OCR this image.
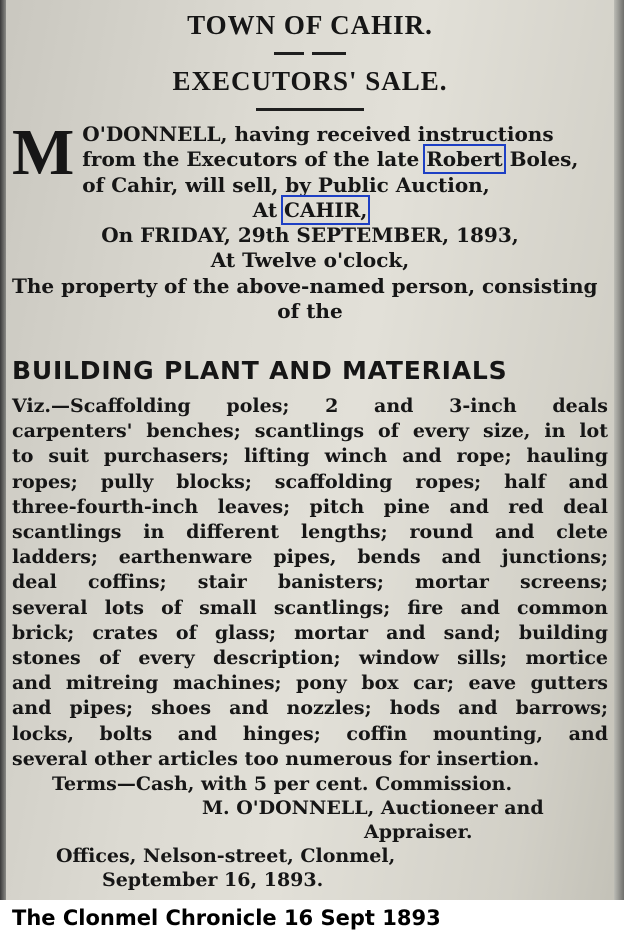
TOWN OF CAHIR.
EXECUTORS' SALE.
M O'DONNELL, having received instructions
from the Executors of the late Robert Boles,
of Cahir, will sell, by Public Auction,
At CAHIR,
On FRIDAY, 29th SEPTEMBER, 1893,
At Twelve o'clock,
The property of the above-named person, consisting
of the
BUILDING PLANT AND MATERIALS
Viz.—Scaffolding poles; 2 and 3-inch deals
carpenters' benches; scantlings of every size, in lot
to suit purchasers; lifting winch and rope; hauling
ropes; pully blocks; scaffolding ropes; half and
three-fourth-inch leaves; pitch pine and red deal
scantlings in different lengths; round and clete
ladders; earthenware pipes, bends and junctions;
deal coffins; stair banisters; mortar screens;
several lots of small scantlings; fire and common
brick; crates of glass; mortar and sand; building
stones of every description; window sills; mortice
and mitreing machines; pony box car; eave gutters
and pipes; shoes and nozzles; hods and barrows;
locks, bolts and hinges; coffin mounting, and
several other articles too numerous for insertion.
Terms—Cash, with 5 per cent. Commission.
M. O'DONNELL, Auctioneer and
Appraiser.
Offices, Nelson-street, Clonmel,
September 16, 1893.
The Clonmel Chronicle 16 Sept 1893
